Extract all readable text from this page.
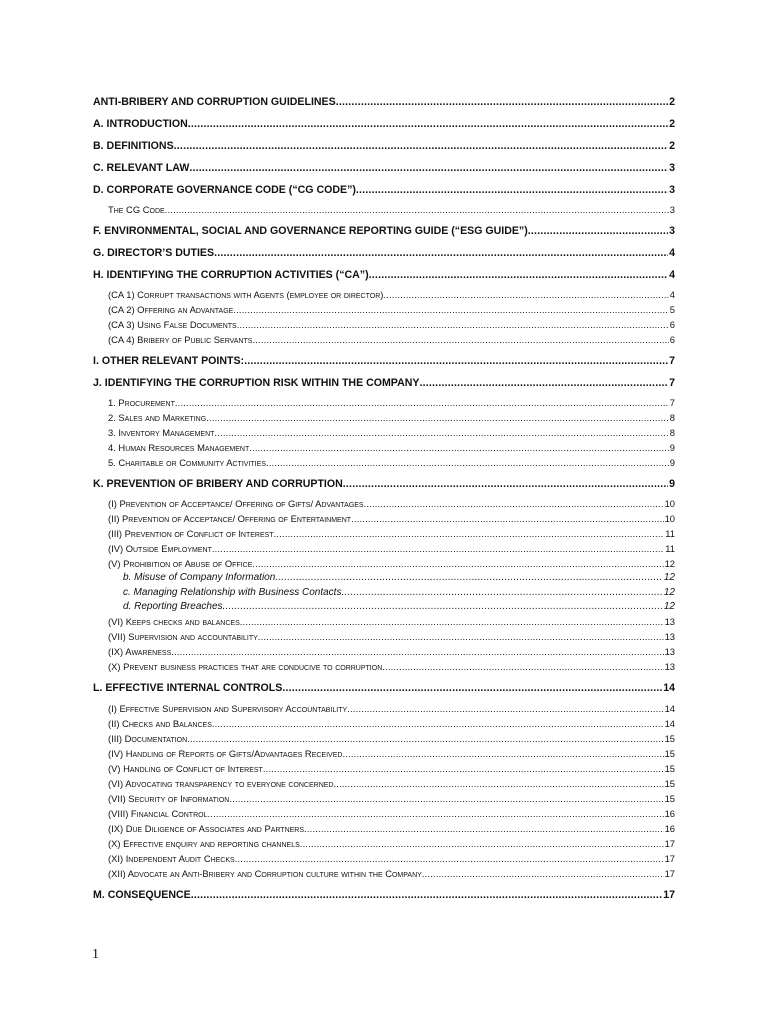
ANTI-BRIBERY AND CORRUPTION GUIDELINES .....	2
A. INTRODUCTION .....	2
B. DEFINITIONS .....	2
C. RELEVANT LAW .....	3
D. CORPORATE GOVERNANCE CODE (“CG CODE”) .....	3
The CG Code .....	3
F. ENVIRONMENTAL, SOCIAL AND GOVERNANCE REPORTING GUIDE (“ESG GUIDE”) .....	3
G. DIRECTOR’S DUTIES .....	4
H. IDENTIFYING THE CORRUPTION ACTIVITIES (“CA”) .....	4
(CA 1) Corrupt transactions with Agents (employee or director) .....	4
(CA 2) Offering an Advantage .....	5
(CA 3) Using False Documents .....	6
(CA 4) Bribery of Public Servants .....	6
I. OTHER RELEVANT POINTS: .....	7
J. IDENTIFYING THE CORRUPTION RISK WITHIN THE COMPANY .....	7
1. Procurement .....	7
2. Sales and Marketing .....	8
3. Inventory Management .....	8
4. Human Resources Management .....	9
5. Charitable or Community Activities .....	9
K. PREVENTION OF BRIBERY AND CORRUPTION .....	9
(I) Prevention of Acceptance/ Offering of Gifts/ Advantages .....	10
(II) Prevention of Acceptance/ Offering of Entertainment .....	10
(III) Prevention of Conflict of Interest .....	11
(IV) Outside Employment .....	11
(V) Prohibition of Abuse of Office .....	12
b. Misuse of Company Information .....	12
c. Managing Relationship with Business Contacts .....	12
d. Reporting Breaches .....	12
(VI) Keeps checks and balances .....	13
(VII) Supervision and accountability .....	13
(IX) Awareness .....	13
(X) Prevent business practices that are conducive to corruption .....	13
L. EFFECTIVE INTERNAL CONTROLS .....	14
(I) Effective Supervision and Supervisory Accountability .....	14
(II) Checks and Balances .....	14
(III) Documentation .....	15
(IV) Handling of Reports of Gifts/Advantages Received .....	15
(V) Handling of Conflict of Interest .....	15
(VI) Advocating transparency to everyone concerned .....	15
(VII) Security of Information .....	15
(VIII) Financial Control .....	16
(IX) Due Diligence of Associates and Partners .....	16
(X) Effective enquiry and reporting channels .....	17
(XI) Independent Audit Checks .....	17
(XII) Advocate an Anti-Bribery and Corruption culture within the Company .....	17
M. CONSEQUENCE .....	17
1
